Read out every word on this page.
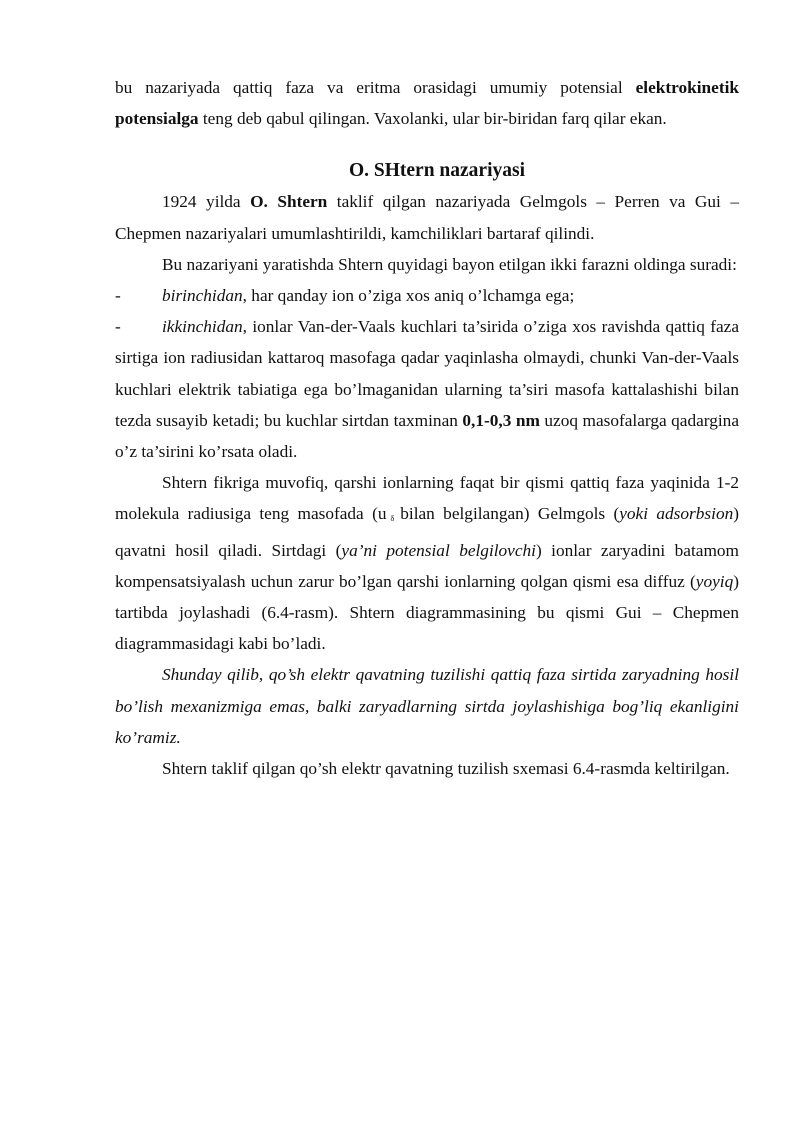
bu nazariyada qattiq faza va eritma orasidagi umumiy potensial elektrokinetik potensialga teng deb qabul qilingan. Vaxolanki, ular bir-biridan farq qilar ekan.

O. SHtern nazariyasi

1924 yilda O. Shtern taklif qilgan nazariyada Gelmgols – Perren va Gui – Chepmen nazariyalari umumlashtirildi, kamchiliklari bartaraf qilindi.

Bu nazariyani yaratishda Shtern quyidagi bayon etilgan ikki farazni oldinga suradi:

- birinchidan, har qanday ion o’ziga xos aniq o’lchamga ega;

- ikkinchidan, ionlar Van-der-Vaals kuchlari ta’sirida o’ziga xos ravishda qattiq faza sirtiga ion radiusidan kattaroq masofaga qadar yaqinlasha olmaydi, chunki Van-der-Vaals kuchlari elektrik tabiatiga ega bo’lmaganidan ularning ta’siri masofa kattalashishi bilan tezda susayib ketadi; bu kuchlar sirtdan taxminan 0,1-0,3 nm uzoq masofalarga qadargina o’z ta’sirini ko’rsata oladi.

Shtern fikriga muvofiq, qarshi ionlarning faqat bir qismi qattiq faza yaqinida 1-2 molekula radiusiga teng masofada (u $_\delta$ bilan belgilangan) Gelmgols (yoki adsorbsion) qavatni hosil qiladi. Sirtdagi (ya’ni potensial belgilovchi) ionlar zaryadini batamom kompensatsiyalash uchun zarur bo’lgan qarshi ionlarning qolgan qismi esa diffuz (yoyiq) tartibda joylashadi (6.4-rasm). Shtern diagrammasining bu qismi Gui – Chepmen diagrammasidagi kabi bo’ladi.

Shunday qilib, qo’sh elektr qavatning tuzilishi qattiq faza sirtida zaryadning hosil bo’lish mexanizmiga emas, balki zaryadlarning sirtda joylashishiga bog’liq ekanligini ko’ramiz.

Shtern taklif qilgan qo’sh elektr qavatning tuzilish sxemasi 6.4-rasmda keltirilgan.
